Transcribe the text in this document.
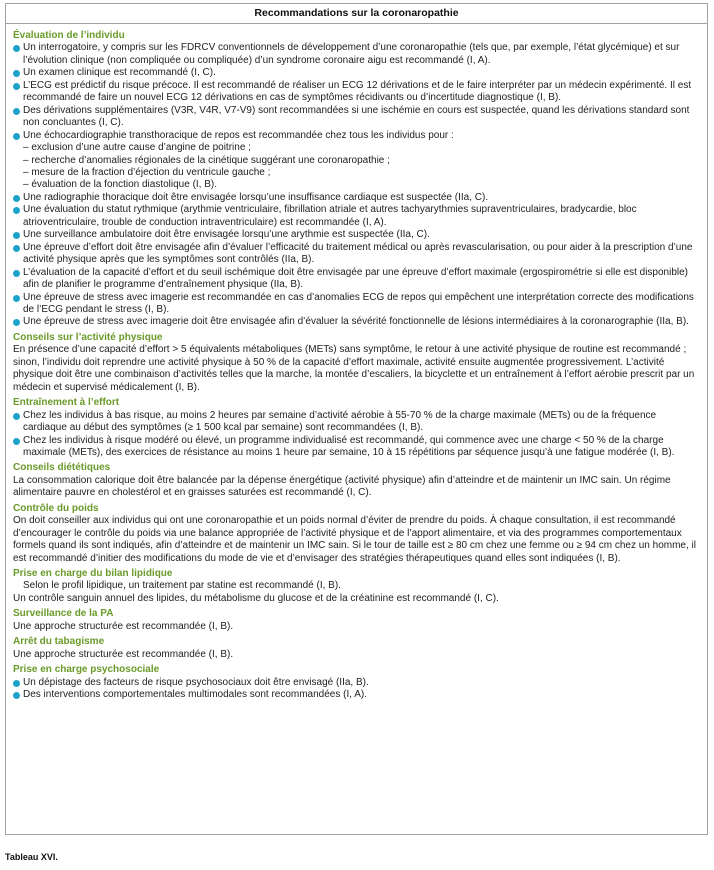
Recommandations sur la coronaropathie
Évaluation de l’individu
Un interrogatoire, y compris sur les FDRCV conventionnels de développement d’une coronaropathie (tels que, par exemple, l’état glycémique) et sur l’évolution clinique (non compliquée ou compliquée) d’un syndrome coronaire aigu est recommandé (I, A).
Un examen clinique est recommandé (I, C).
L’ECG est prédictif du risque précoce. Il est recommandé de réaliser un ECG 12 dérivations et de le faire interpréter par un médecin expérimenté. Il est recommandé de faire un nouvel ECG 12 dérivations en cas de symptômes récidivants ou d’incertitude diagnostique (I, B).
Des dérivations supplémentaires (V3R, V4R, V7-V9) sont recommandées si une ischémie en cours est suspectée, quand les dérivations standard sont non concluantes (I, C).
Une échocardiographie transthoracique de repos est recommandée chez tous les individus pour :
– exclusion d’une autre cause d’angine de poitrine ;
– recherche d’anomalies régionales de la cinétique suggérant une coronaropathie ;
– mesure de la fraction d’éjection du ventricule gauche ;
– évaluation de la fonction diastolique (I, B).
Une radiographie thoracique doit être envisagée lorsqu’une insuffisance cardiaque est suspectée (IIa, C).
Une évaluation du statut rythmique (arythmie ventriculaire, fibrillation atriale et autres tachyarythmies supraventriculaires, bradycardie, bloc atrioventriculaire, trouble de conduction intraventriculaire) est recommandée (I, A).
Une surveillance ambulatoire doit être envisagée lorsqu’une arythmie est suspectée (IIa, C).
Une épreuve d’effort doit être envisagée afin d’évaluer l’efficacité du traitement médical ou après revascularisation, ou pour aider à la prescription d’une activité physique après que les symptômes sont contrôlés (IIa, B).
L’évaluation de la capacité d’effort et du seuil ischémique doit être envisagée par une épreuve d’effort maximale (ergospirométrie si elle est disponible) afin de planifier le programme d’entraînement physique (IIa, B).
Une épreuve de stress avec imagerie est recommandée en cas d’anomalies ECG de repos qui empêchent une interprétation correcte des modifications de l’ECG pendant le stress (I, B).
Une épreuve de stress avec imagerie doit être envisagée afin d’évaluer la sévérité fonctionnelle de lésions intermédiaires à la coronarographie (IIa, B).
Conseils sur l’activité physique
En présence d’une capacité d’effort > 5 équivalents métaboliques (METs) sans symptôme, le retour à une activité physique de routine est recommandé ; sinon, l’individu doit reprendre une activité physique à 50 % de la capacité d’effort maximale, activité ensuite augmentée progressivement. L’activité physique doit être une combinaison d’activités telles que la marche, la montée d’escaliers, la bicyclette et un entraînement à l’effort aérobie prescrit par un médecin et supervisé médicalement (I, B).
Entraînement à l’effort
Chez les individus à bas risque, au moins 2 heures par semaine d’activité aérobie à 55-70 % de la charge maximale (METs) ou de la fréquence cardiaque au début des symptômes (≥ 1 500 kcal par semaine) sont recommandées (I, B).
Chez les individus à risque modéré ou élevé, un programme individualisé est recommandé, qui commence avec une charge < 50 % de la charge maximale (METs), des exercices de résistance au moins 1 heure par semaine, 10 à 15 répétitions par séquence jusqu’à une fatigue modérée (I, B).
Conseils diététiques
La consommation calorique doit être balancée par la dépense énergétique (activité physique) afin d’atteindre et de maintenir un IMC sain. Un régime alimentaire pauvre en cholestérol et en graisses saturées est recommandé (I, C).
Contrôle du poids
On doit conseiller aux individus qui ont une coronaropathie et un poids normal d’éviter de prendre du poids. À chaque consultation, il est recommandé d’encourager le contrôle du poids via une balance appropriée de l’activité physique et de l’apport alimentaire, et via des programmes comportementaux formels quand ils sont indiqués, afin d’atteindre et de maintenir un IMC sain. Si le tour de taille est ≥ 80 cm chez une femme ou ≥ 94 cm chez un homme, il est recommandé d’initier des modifications du mode de vie et d’envisager des stratégies thérapeutiques quand elles sont indiquées (I, B).
Prise en charge du bilan lipidique
Selon le profil lipidique, un traitement par statine est recommandé (I, B).
Un contrôle sanguin annuel des lipides, du métabolisme du glucose et de la créatinine est recommandé (I, C).
Surveillance de la PA
Une approche structurée est recommandée (I, B).
Arrêt du tabagisme
Une approche structurée est recommandée (I, B).
Prise en charge psychosociale
Un dépistage des facteurs de risque psychosociaux doit être envisagé (IIa, B).
Des interventions comportementales multimodales sont recommandées (I, A).
Tableau XVI.
